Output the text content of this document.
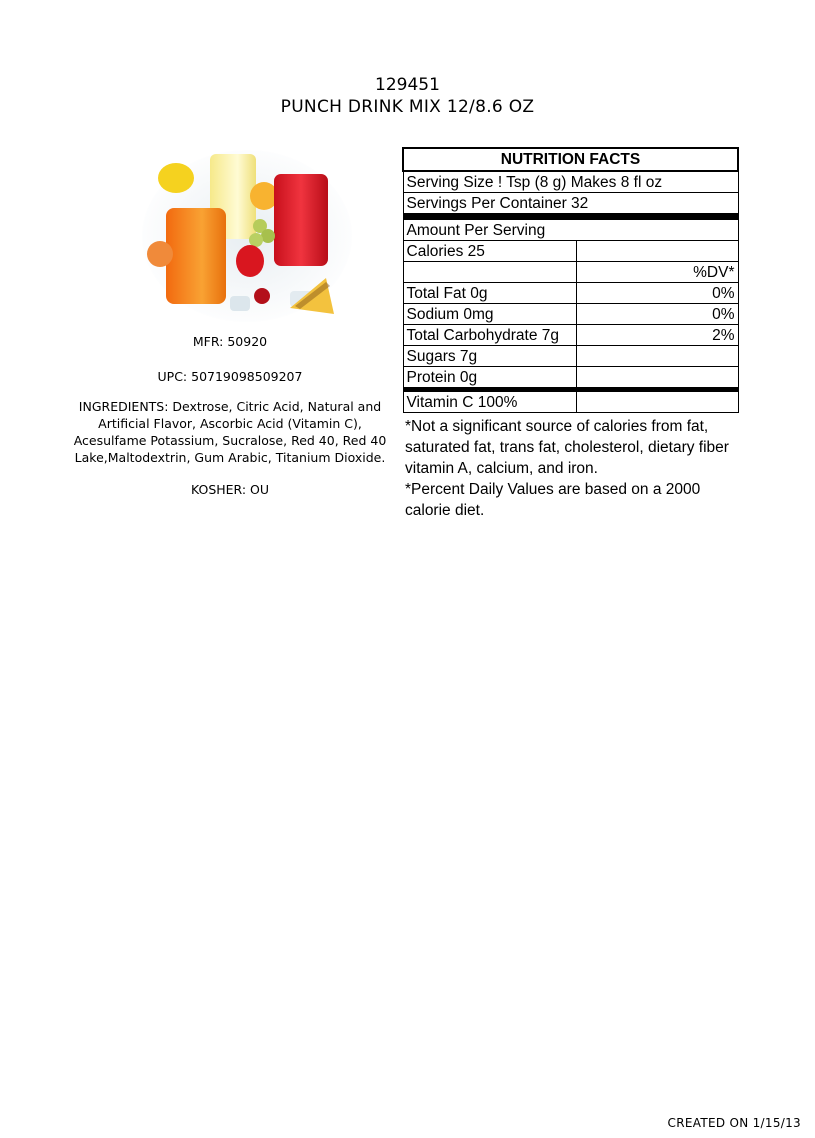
129451
PUNCH DRINK MIX 12/8.6 OZ
MFR: 50920
UPC: 50719098509207
INGREDIENTS: Dextrose, Citric Acid, Natural and Artificial Flavor, Ascorbic Acid (Vitamin C), Acesulfame Potassium, Sucralose, Red 40, Red 40 Lake,Maltodextrin, Gum Arabic, Titanium Dioxide.
KOSHER: OU
NUTRITION FACTS	
Serving Size ! Tsp (8 g) Makes 8 fl oz	
Servings Per Container 32	
Amount Per Serving	
Calories 25	
	%DV*
Total Fat 0g	0%
Sodium 0mg	0%
Total Carbohydrate 7g	2%
Sugars 7g	
Protein 0g	
Vitamin C 100%	
*Not a significant source of calories from fat, saturated fat, trans fat, cholesterol, dietary fiber vitamin A, calcium, and iron.
*Percent Daily Values are based on a 2000 calorie diet.
CREATED ON 1/15/13
